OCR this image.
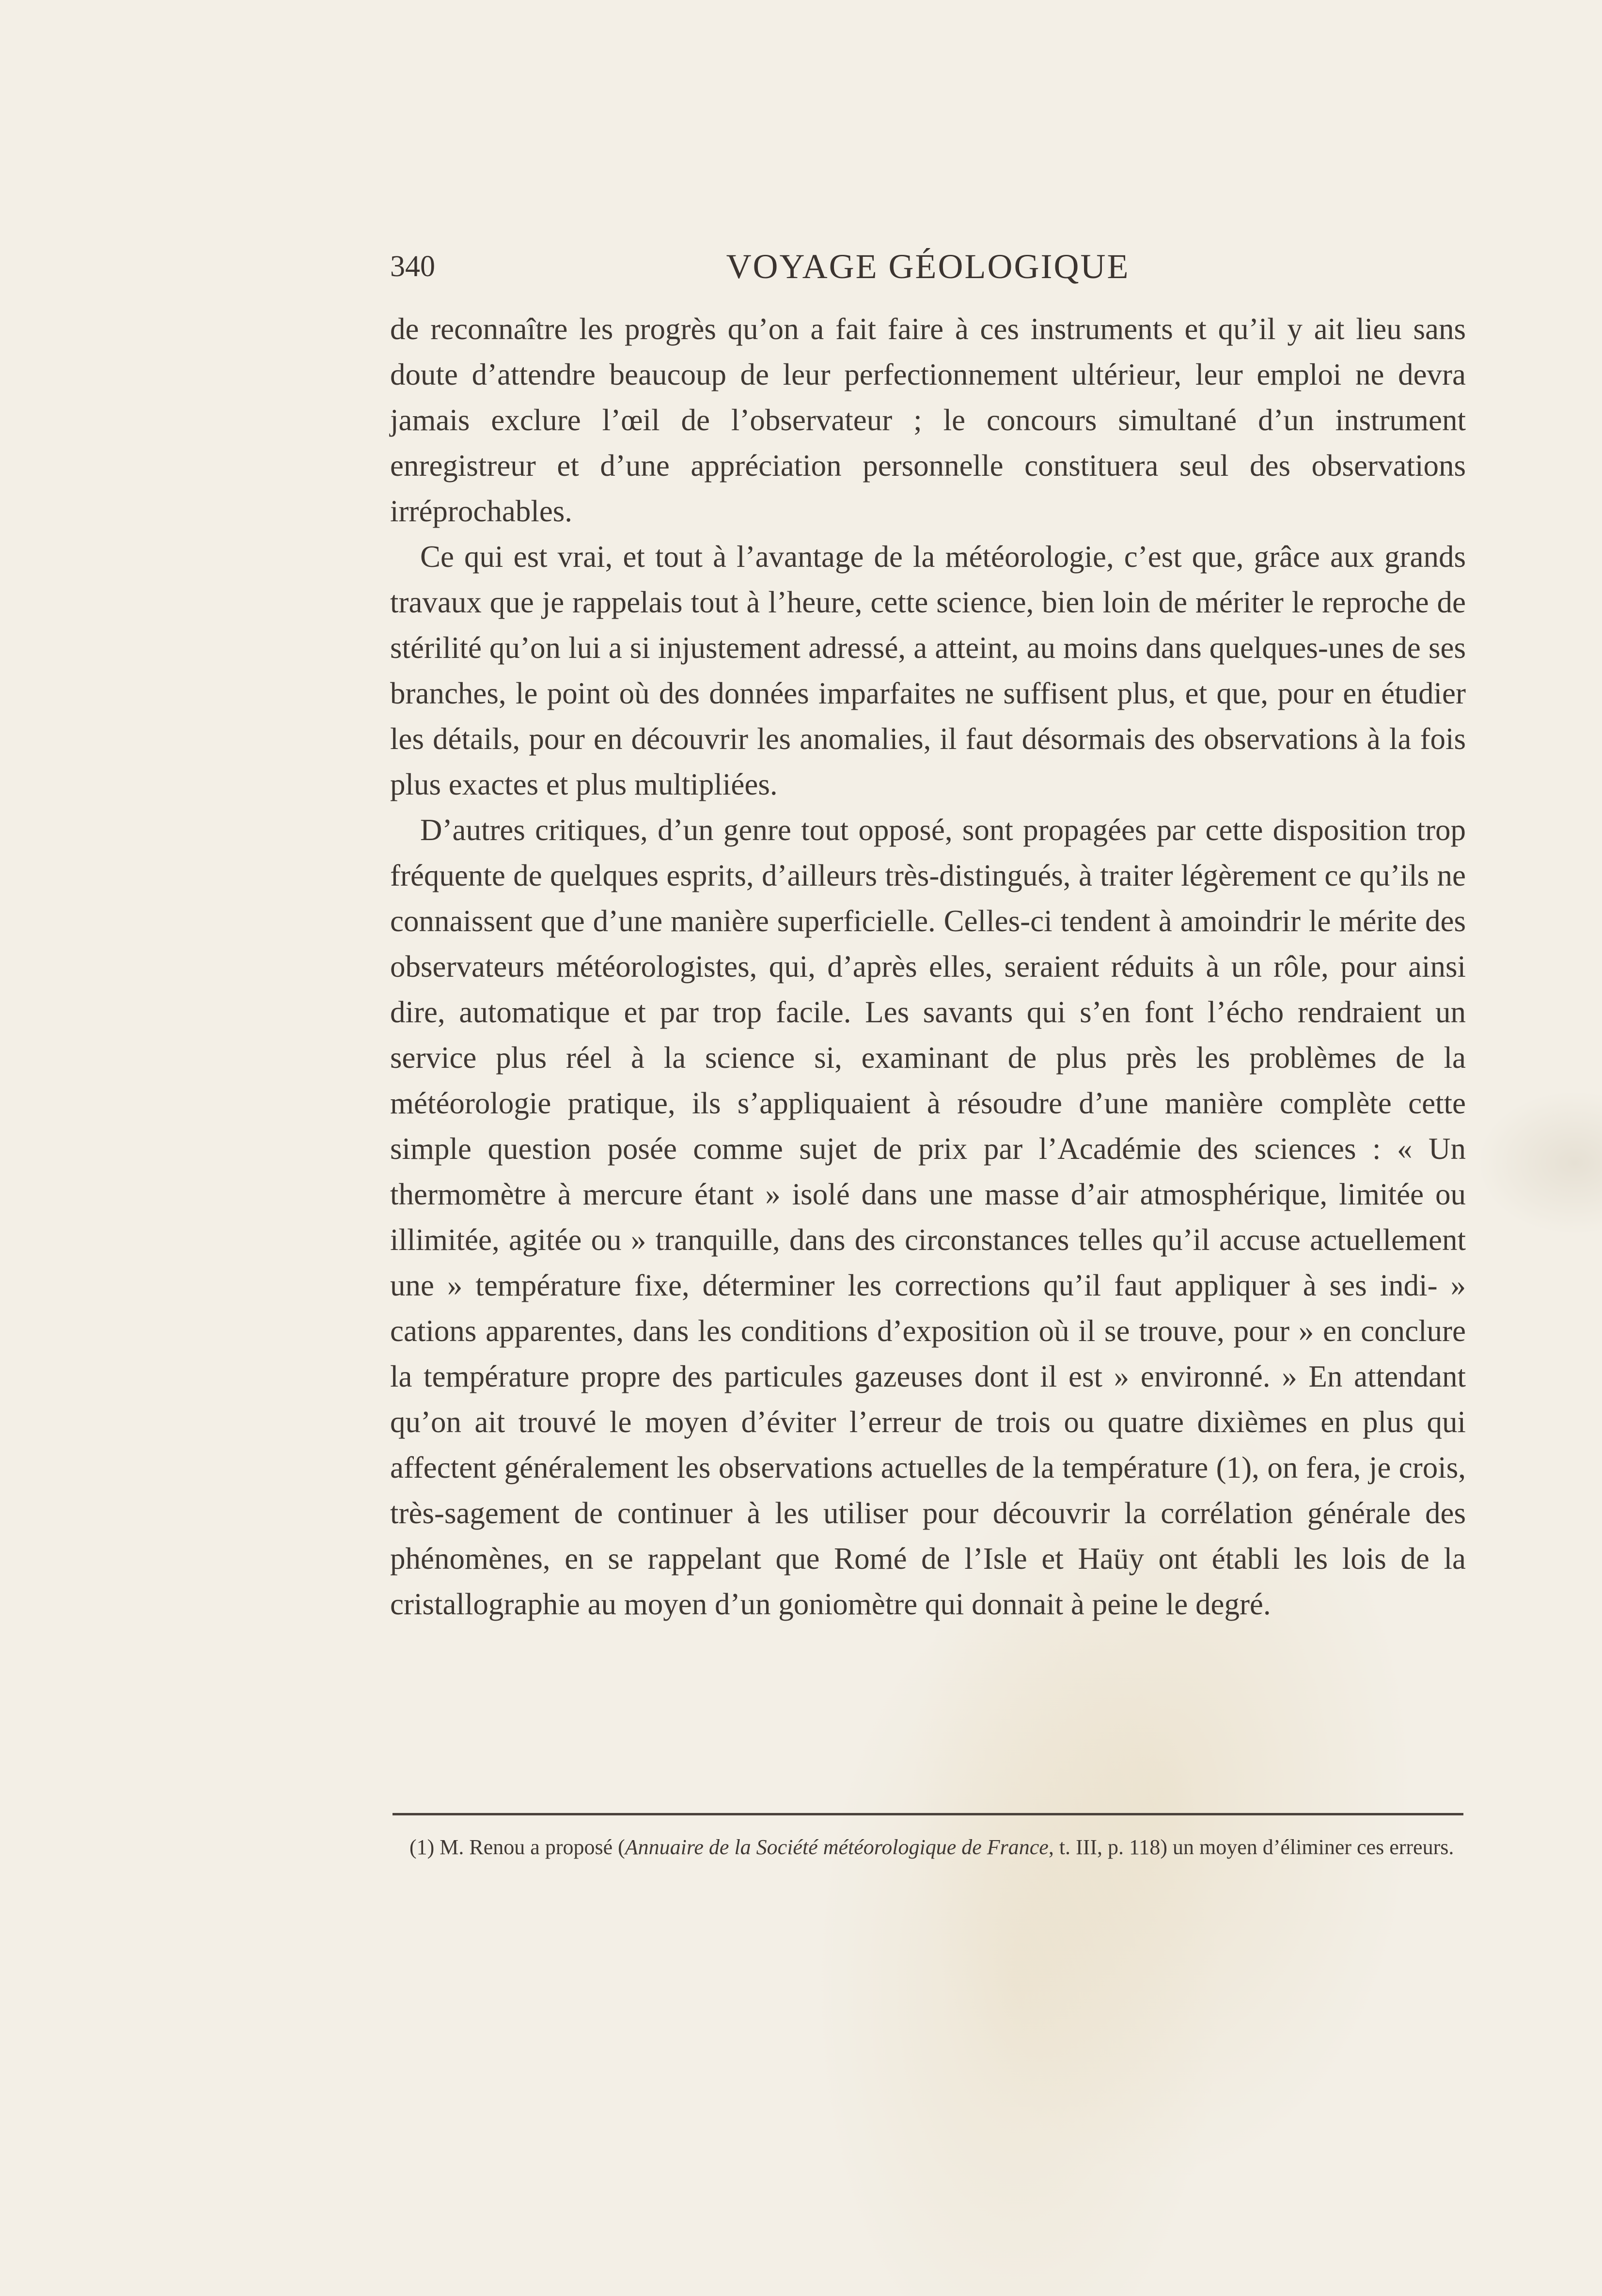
340	VOYAGE GÉOLOGIQUE

de reconnaître les progrès qu’on a fait faire à ces instruments et qu’il y ait lieu sans doute d’attendre beaucoup de leur perfectionnement ultérieur, leur emploi ne devra jamais exclure l’œil de l’observateur ; le concours simultané d’un instrument enregistreur et d’une appréciation personnelle constituera seul des observations irréprochables.

Ce qui est vrai, et tout à l’avantage de la météorologie, c’est que, grâce aux grands travaux que je rappelais tout à l’heure, cette science, bien loin de mériter le reproche de stérilité qu’on lui a si injustement adressé, a atteint, au moins dans quelques-unes de ses branches, le point où des données imparfaites ne suffisent plus, et que, pour en étudier les détails, pour en découvrir les anomalies, il faut désormais des observations à la fois plus exactes et plus multipliées.

D’autres critiques, d’un genre tout opposé, sont propagées par cette disposition trop fréquente de quelques esprits, d’ailleurs très-distingués, à traiter légèrement ce qu’ils ne connaissent que d’une manière superficielle. Celles-ci tendent à amoindrir le mérite des observateurs météorologistes, qui, d’après elles, seraient réduits à un rôle, pour ainsi dire, automatique et par trop facile. Les savants qui s’en font l’écho rendraient un service plus réel à la science si, examinant de plus près les problèmes de la météorologie pratique, ils s’appliquaient à résoudre d’une manière complète cette simple question posée comme sujet de prix par l’Académie des sciences : « Un thermomètre à mercure étant » isolé dans une masse d’air atmosphérique, limitée ou illimitée, agitée ou » tranquille, dans des circonstances telles qu’il accuse actuellement une » température fixe, déterminer les corrections qu’il faut appliquer à ses indi- » cations apparentes, dans les conditions d’exposition où il se trouve, pour » en conclure la température propre des particules gazeuses dont il est » environné. » En attendant qu’on ait trouvé le moyen d’éviter l’erreur de trois ou quatre dixièmes en plus qui affectent généralement les observations actuelles de la température (1), on fera, je crois, très-sagement de continuer à les utiliser pour découvrir la corrélation générale des phénomènes, en se rappelant que Romé de l’Isle et Haüy ont établi les lois de la cristallographie au moyen d’un goniomètre qui donnait à peine le degré.

(1) M. Renou a proposé (Annuaire de la Société météorologique de France, t. III, p. 118) un moyen d’éliminer ces erreurs.
